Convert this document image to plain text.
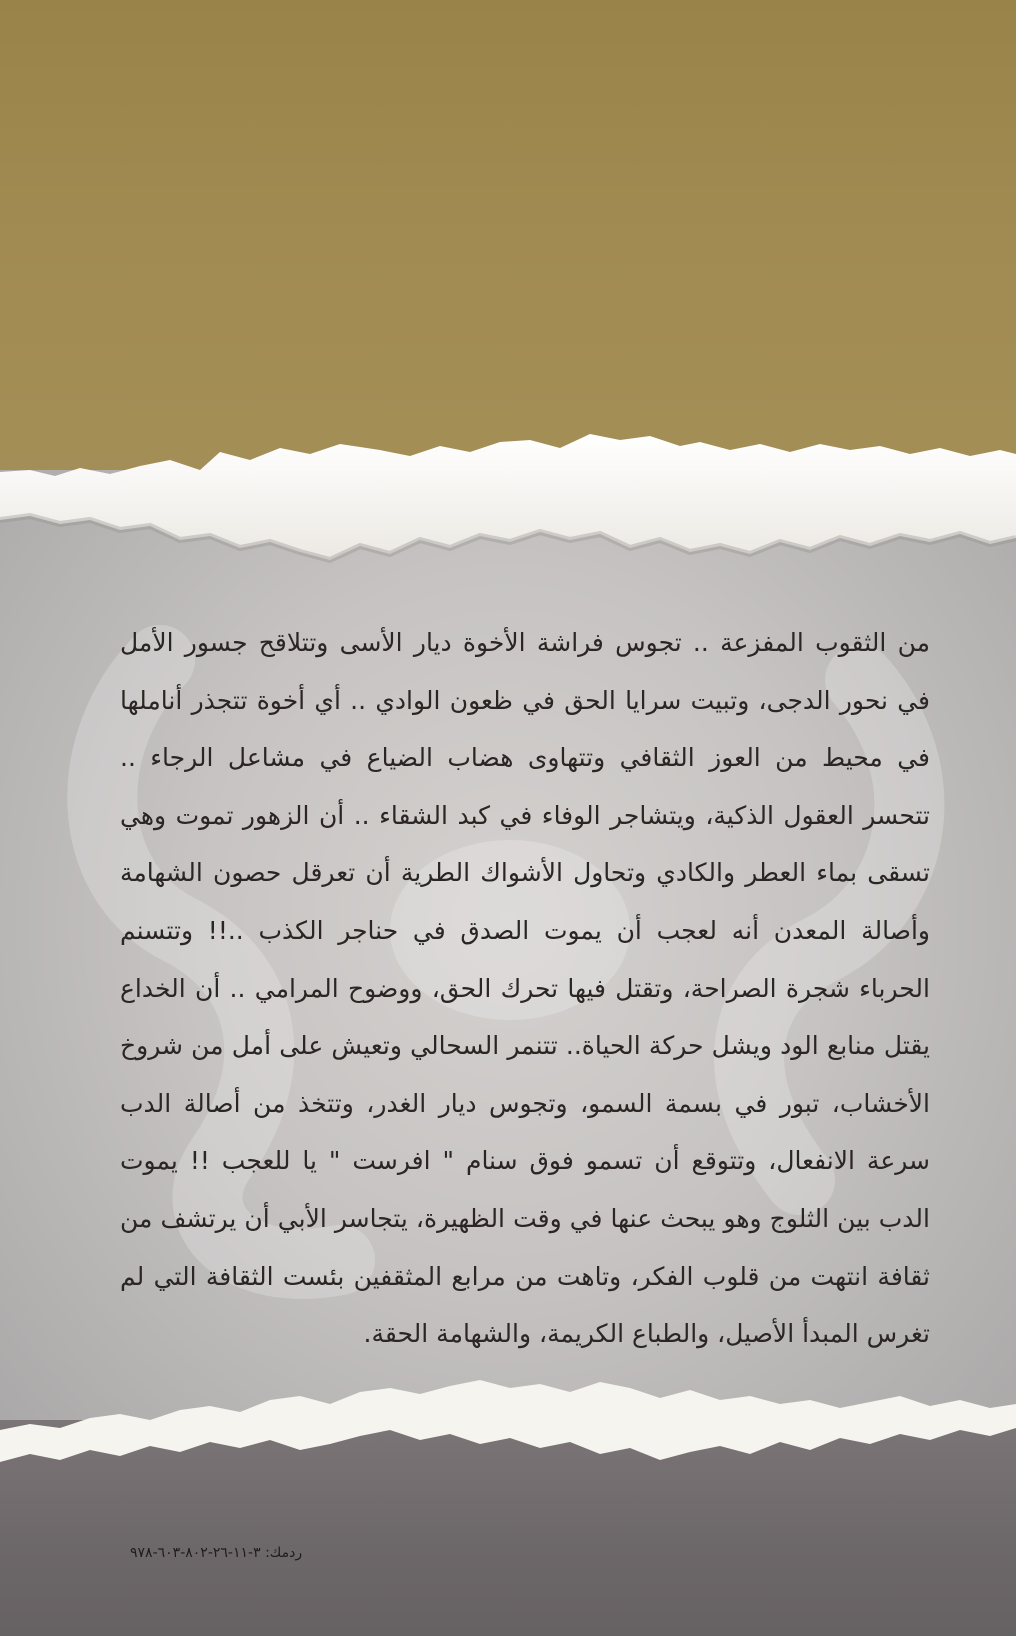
من الثقوب المفزعة .. تجوس فراشة الأخوة ديار الأسى وتتلاقح جسور الأمل في نحور الدجى، وتبيت سرايا الحق في ظعون الوادي .. أي أخوة تتجذر أناملها في محيط من العوز الثقافي وتتهاوى هضاب الضياع في مشاعل الرجاء .. تتحسر العقول الذكية، ويتشاجر الوفاء في كبد الشقاء .. أن الزهور تموت وهي تسقى بماء العطر والكادي وتحاول الأشواك الطرية أن تعرقل حصون الشهامة وأصالة المعدن أنه لعجب أن يموت الصدق في حناجر الكذب ..!! وتتسنم الحرباء شجرة الصراحة، وتقتل فيها تحرك الحق، ووضوح المرامي .. أن الخداع يقتل منابع الود ويشل حركة الحياة.. تتنمر السحالي وتعيش على أمل من شروخ الأخشاب، تبور في بسمة السمو، وتجوس ديار الغدر، وتتخذ من أصالة الدب سرعة الانفعال، وتتوقع أن تسمو فوق سنام " افرست " يا للعجب !! يموت الدب بين الثلوج وهو يبحث عنها في وقت الظهيرة، يتجاسر الأبي أن يرتشف من ثقافة انتهت من قلوب الفكر، وتاهت من مرابع المثقفين بئست الثقافة التي لم تغرس المبدأ الأصيل، والطباع الكريمة، والشهامة الحقة.

ردمك: ٣-١١-٢٦-٨٠٢-٦٠٣-٩٧٨
